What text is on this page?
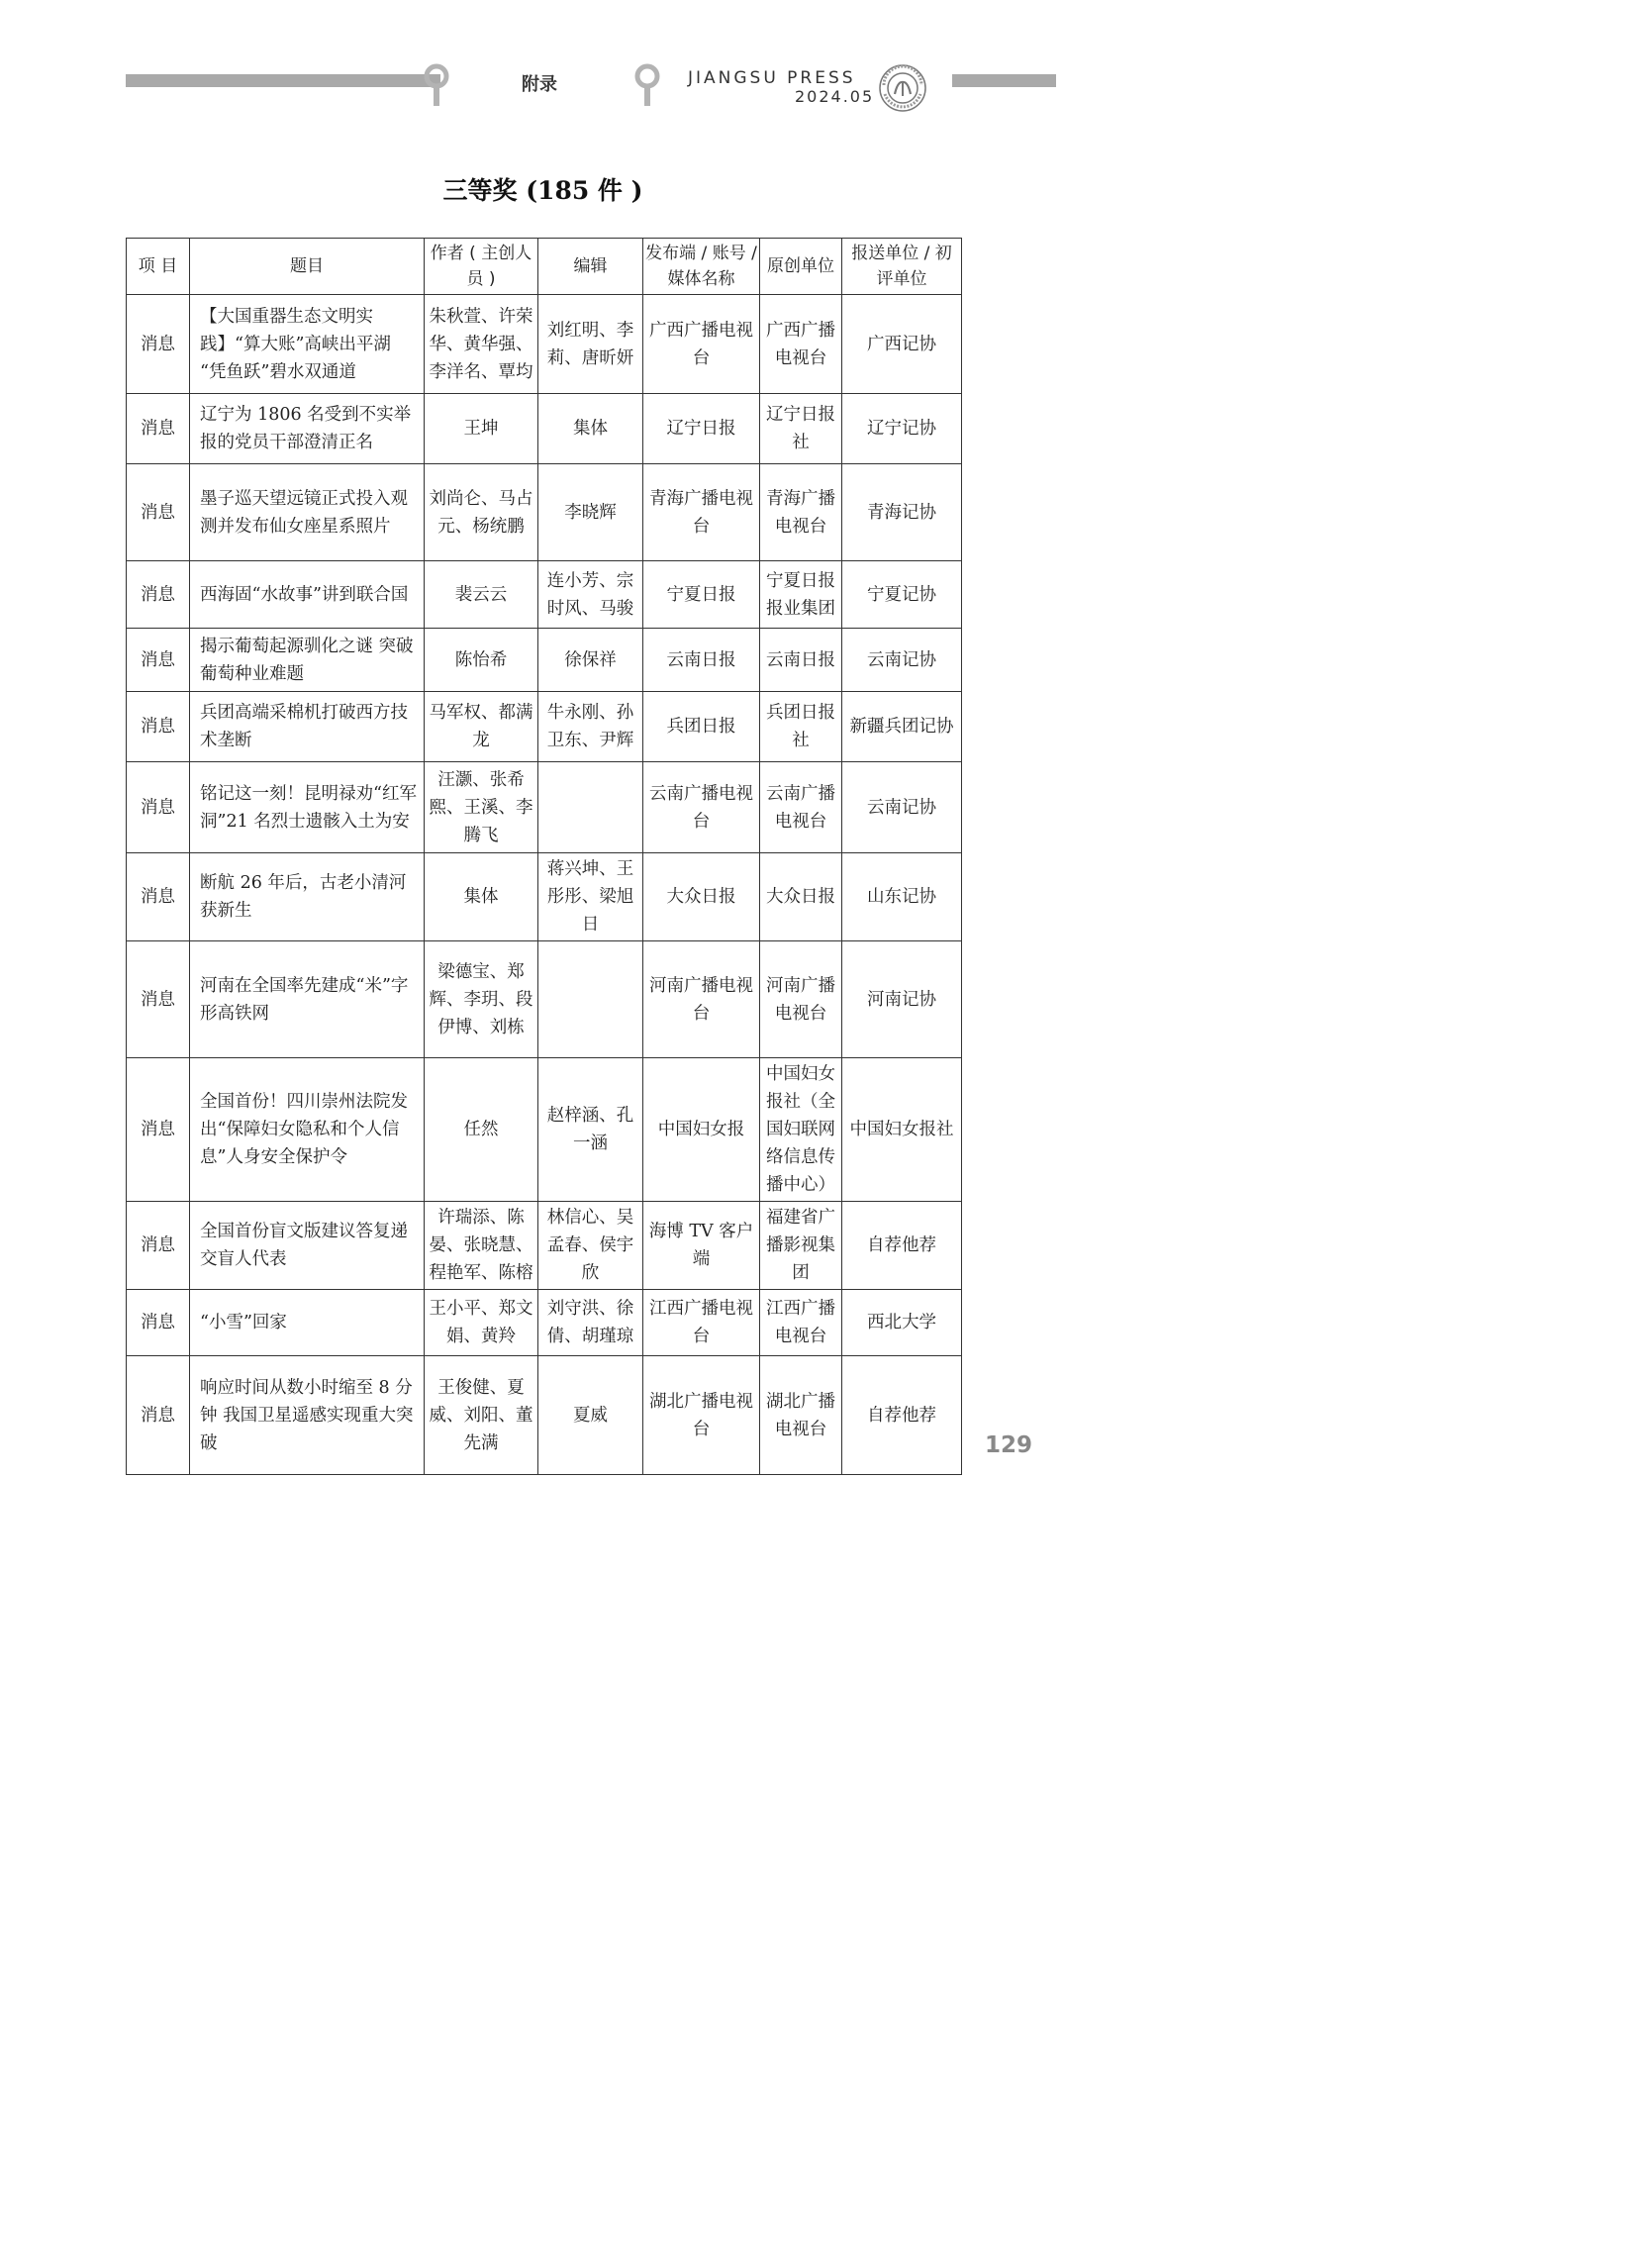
附录	JIANGSU PRESS
2024.05
三等奖 (185 件 )
项 目	题目	作者 ( 主创人员 )	编辑	发布端 / 账号 / 媒体名称	原创单位	报送单位 / 初评单位
消息	【大国重器生态文明实践】“算大账”高峡出平湖 “凭鱼跃”碧水双通道	朱秋萱、许荣华、黄华强、李洋名、覃均	刘红明、李莉、唐昕妍	广西广播电视台	广西广播电视台	广西记协
消息	辽宁为 1806 名受到不实举报的党员干部澄清正名	王坤	集体	辽宁日报	辽宁日报社	辽宁记协
消息	墨子巡天望远镜正式投入观测并发布仙女座星系照片	刘尚仑、马占元、杨统鹏	李晓辉	青海广播电视台	青海广播电视台	青海记协
消息	西海固“水故事”讲到联合国	裴云云	连小芳、宗时风、马骏	宁夏日报	宁夏日报报业集团	宁夏记协
消息	揭示葡萄起源驯化之谜 突破葡萄种业难题	陈怡希	徐保祥	云南日报	云南日报	云南记协
消息	兵团高端采棉机打破西方技术垄断	马军权、都满龙	牛永刚、孙卫东、尹辉	兵团日报	兵团日报社	新疆兵团记协
消息	铭记这一刻！昆明禄劝“红军洞”21 名烈士遗骸入土为安	汪灏、张希熙、王溪、李腾飞		云南广播电视台	云南广播电视台	云南记协
消息	断航 26 年后，古老小清河获新生	集体	蒋兴坤、王彤彤、梁旭日	大众日报	大众日报	山东记协
消息	河南在全国率先建成“米”字形高铁网	梁德宝、郑辉、李玥、段伊博、刘栋		河南广播电视台	河南广播电视台	河南记协
消息	全国首份！四川崇州法院发出“保障妇女隐私和个人信息”人身安全保护令	任然	赵梓涵、孔一涵	中国妇女报	中国妇女报社（全国妇联网络信息传播中心）	中国妇女报社
消息	全国首份盲文版建议答复递交盲人代表	许瑞添、陈晏、张晓慧、程艳军、陈榕	林信心、吴孟春、侯宇欣	海博 TV 客户端	福建省广播影视集团	自荐他荐
消息	“小雪”回家	王小平、郑文娟、黄羚	刘守洪、徐倩、胡瑾琼	江西广播电视台	江西广播电视台	西北大学
消息	响应时间从数小时缩至 8 分钟 我国卫星遥感实现重大突破	王俊健、夏威、刘阳、董先满	夏威	湖北广播电视台	湖北广播电视台	自荐他荐
129
